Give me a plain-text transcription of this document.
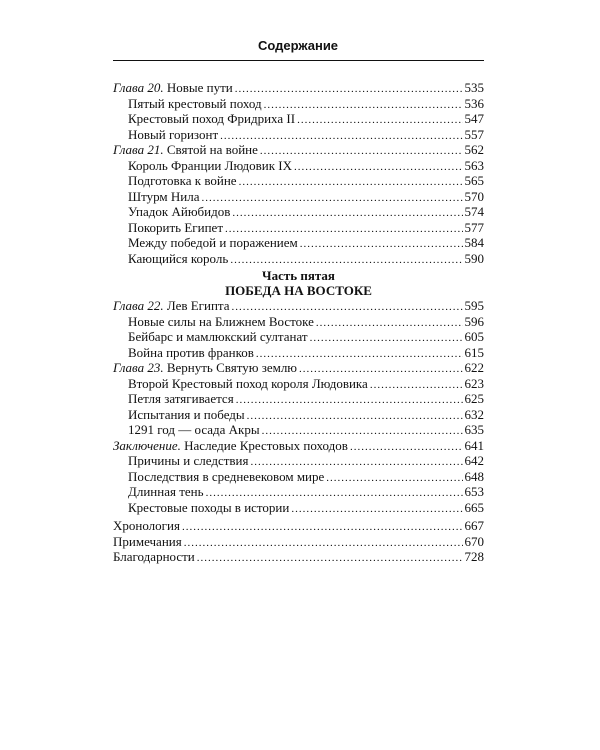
Содержание
Глава 20. Новые пути .....	535
Пятый крестовый поход .....	536
Крестовый поход Фридриха II .....	547
Новый горизонт .....	557
Глава 21. Святой на войне .....	562
Король Франции Людовик IX .....	563
Подготовка к войне .....	565
Штурм Нила .....	570
Упадок Айюбидов .....	574
Покорить Египет .....	577
Между победой и поражением .....	584
Кающийся король .....	590
Часть пятая
ПОБЕДА НА ВОСТОКЕ
Глава 22. Лев Египта .....	595
Новые силы на Ближнем Востоке .....	596
Бейбарс и мамлюкский султанат .....	605
Война против франков .....	615
Глава 23. Вернуть Святую землю .....	622
Второй Крестовый поход короля Людовика .....	623
Петля затягивается .....	625
Испытания и победы .....	632
1291 год — осада Акры .....	635
Заключение. Наследие Крестовых походов .....	641
Причины и следствия .....	642
Последствия в средневековом мире .....	648
Длинная тень .....	653
Крестовые походы в истории .....	665
Хронология .....	667
Примечания .....	670
Благодарности .....	728
